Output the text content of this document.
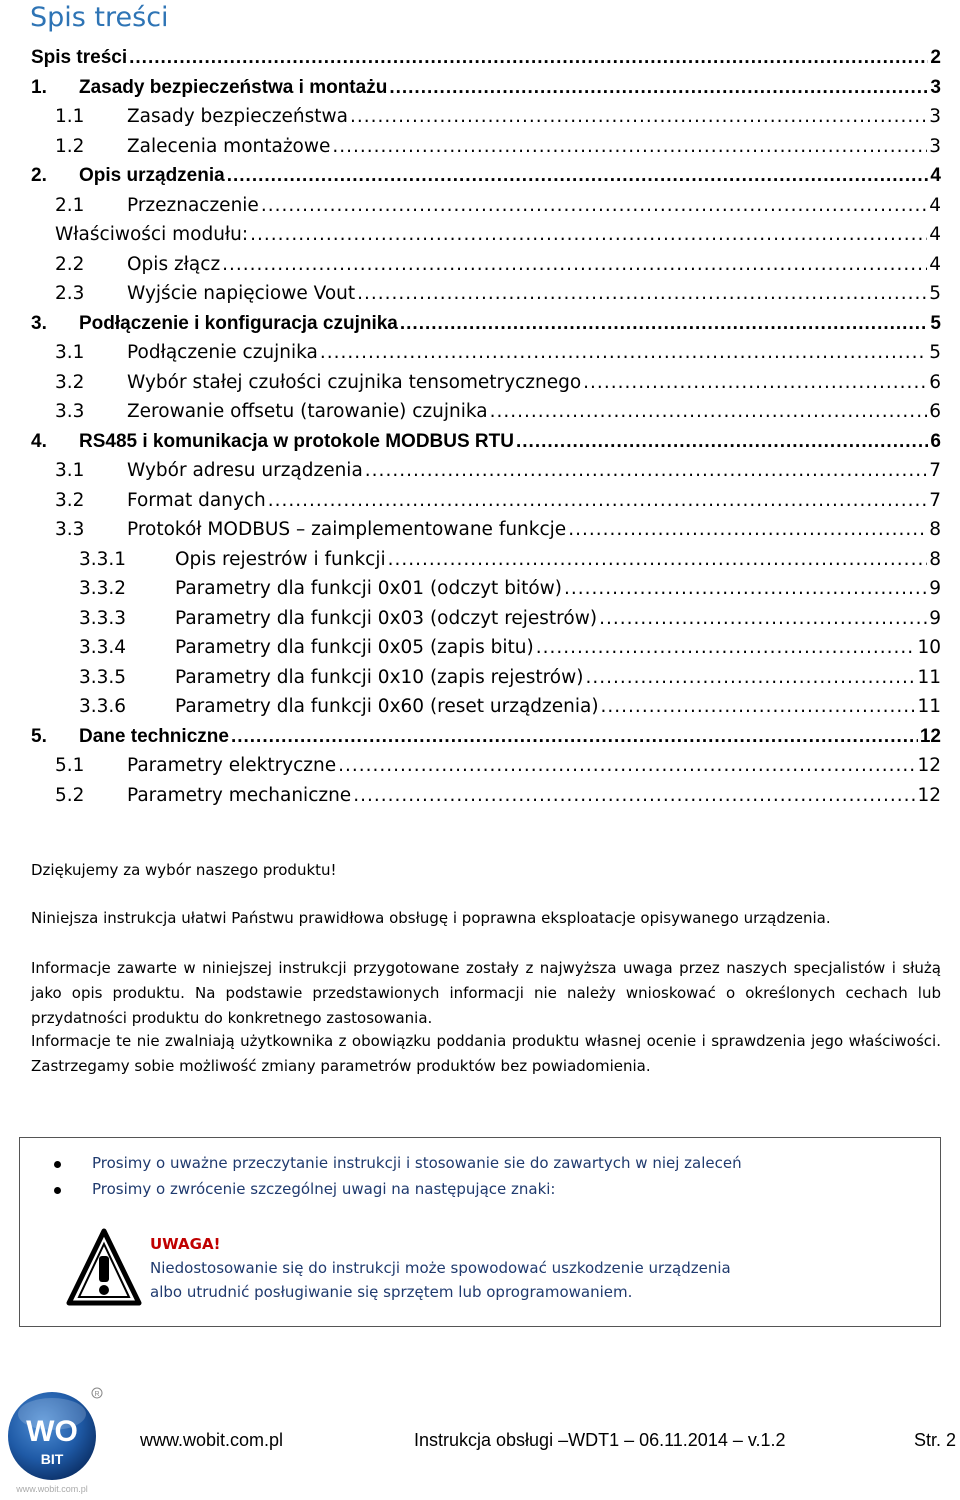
Spis treści
Spis treści .....	2
1.	Zasady bezpieczeństwa i montażu .....	3
1.1	Zasady bezpieczeństwa .....	3
1.2	Zalecenia montażowe .....	3
2.	Opis urządzenia .....	4
2.1	Przeznaczenie .....	4
Właściwości modułu: .....	4
2.2	Opis złącz .....	4
2.3	Wyjście napięciowe Vout .....	5
3.	Podłączenie i konfiguracja czujnika .....	5
3.1	Podłączenie czujnika .....	5
3.2	Wybór stałej czułości czujnika tensometrycznego .....	6
3.3	Zerowanie offsetu (tarowanie) czujnika .....	6
4.	RS485 i komunikacja w protokole MODBUS RTU .....	6
3.1	Wybór adresu urządzenia .....	7
3.2	Format danych .....	7
3.3	Protokół MODBUS – zaimplementowane funkcje .....	8
3.3.1	Opis rejestrów i funkcji .....	8
3.3.2	Parametry dla funkcji 0x01 (odczyt bitów) .....	9
3.3.3	Parametry dla funkcji 0x03 (odczyt rejestrów) .....	9
3.3.4	Parametry dla funkcji 0x05 (zapis bitu) .....	10
3.3.5	Parametry dla funkcji 0x10 (zapis rejestrów) .....	11
3.3.6	Parametry dla funkcji 0x60 (reset urządzenia) .....	11
5.	Dane techniczne .....	12
5.1	Parametry elektryczne .....	12
5.2	Parametry mechaniczne .....	12
Dziękujemy za wybór naszego produktu!
Niniejsza instrukcja ułatwi Państwu prawidłowa obsługę i poprawna eksploatacje opisywanego urządzenia.
Informacje zawarte w niniejszej instrukcji przygotowane zostały z najwyższa uwaga przez naszych specjalistów i służą jako opis produktu. Na podstawie przedstawionych informacji nie należy wnioskować o określonych cechach lub przydatności produktu do konkretnego zastosowania.
Informacje te nie zwalniają użytkownika z obowiązku poddania produktu własnej ocenie i sprawdzenia jego właściwości. Zastrzegamy sobie możliwość zmiany parametrów produktów bez powiadomienia.
Prosimy o uważne przeczytanie instrukcji i stosowanie sie do zawartych w niej zaleceń
Prosimy o zwrócenie szczególnej uwagi na następujące znaki:
UWAGA!
Niedostosowanie się do instrukcji może spowodować uszkodzenie urządzenia
albo utrudnić posługiwanie się sprzętem lub oprogramowaniem.
WO
BIT
R
www.wobit.com.pl
www.wobit.com.pl	Instrukcja obsługi –WDT1 – 06.11.2014 – v.1.2	Str. 2
